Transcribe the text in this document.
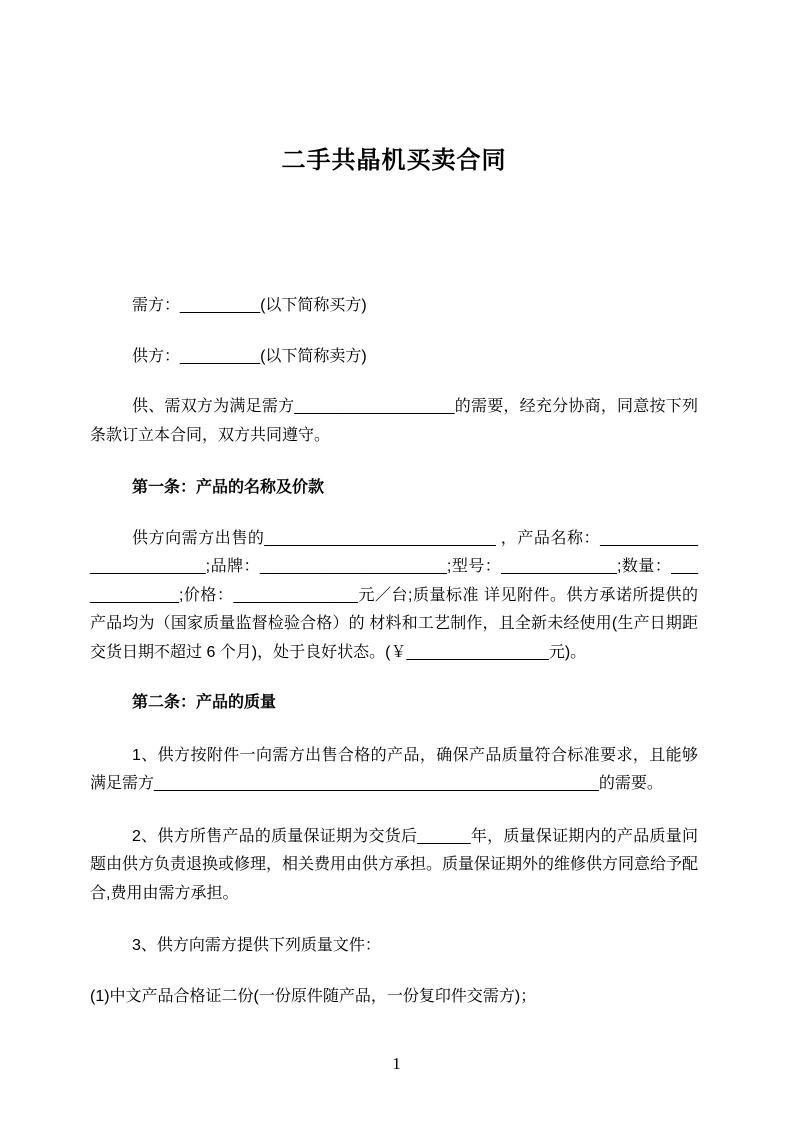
二手共晶机买卖合同

需方：_________(以下简称买方)

供方：_________(以下简称卖方)

供、需双方为满足需方__________________的需要，经充分协商，同意按下列条款订立本合同，双方共同遵守。

第一条：产品的名称及价款

供方向需方出售的__________________________ ，产品名称：________________________;品牌：_____________________;型号：_____________;数量：_____________;价格：______________元／台;质量标准 详见附件。供方承诺所提供的产品均为（国家质量监督检验合格）的 材料和工艺制作，且全新未经使用(生产日期距交货日期不超过 6 个月)，处于良好状态。(￥________________元)。

第二条：产品的质量

1、供方按附件一向需方出售合格的产品，确保产品质量符合标准要求，且能够满足需方__________________________________________________的需要。

2、供方所售产品的质量保证期为交货后______年，质量保证期内的产品质量问题由供方负责退换或修理，相关费用由供方承担。质量保证期外的维修供方同意给予配合,费用由需方承担。

3、供方向需方提供下列质量文件：

(1)中文产品合格证二份(一份原件随产品，一份复印件交需方)；

1
